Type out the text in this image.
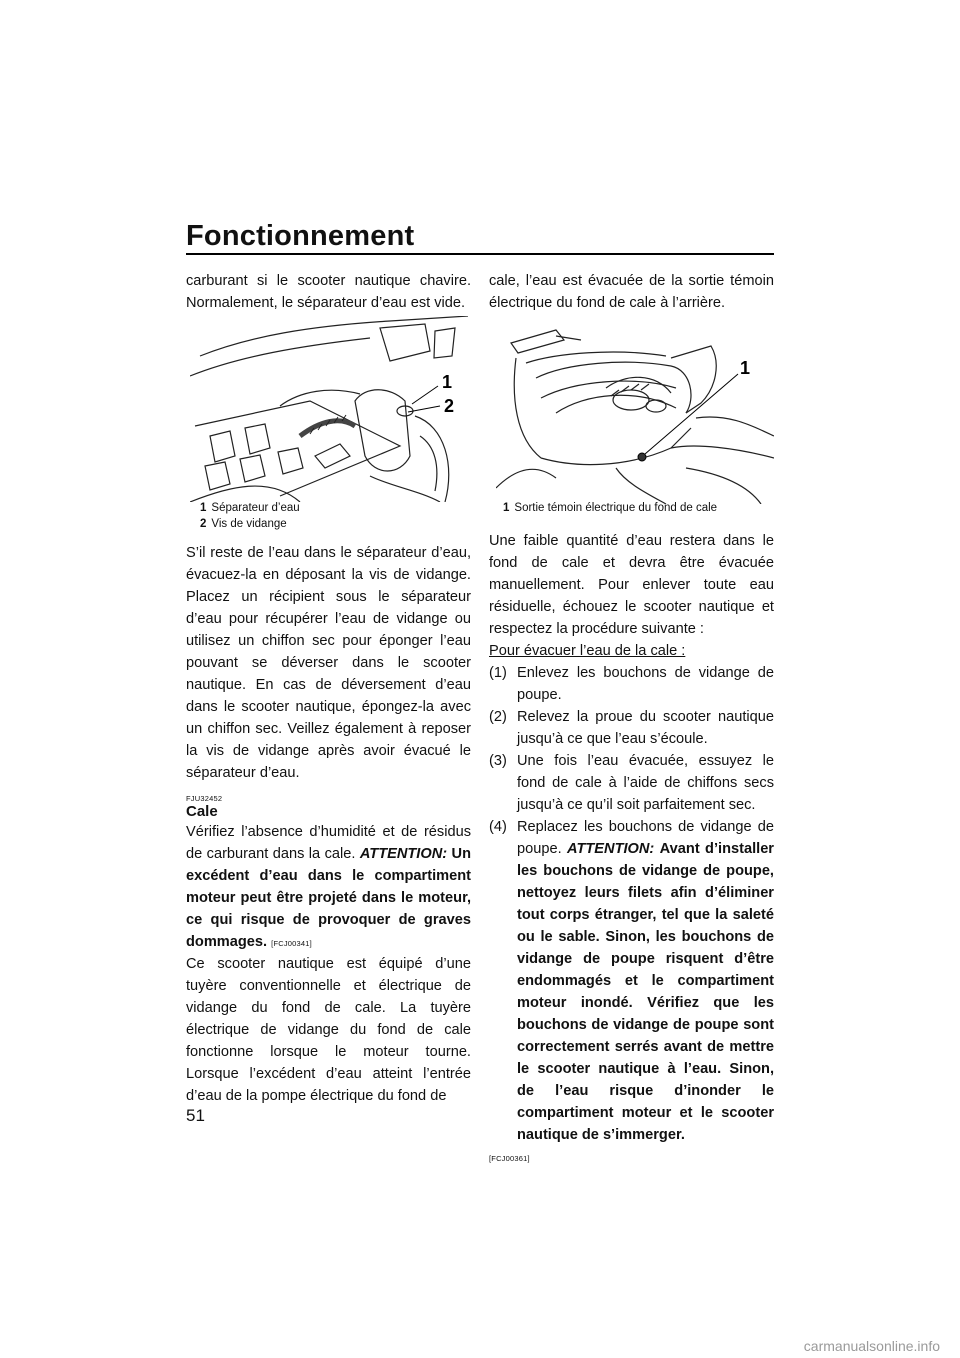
Fonctionnement

carburant si le scooter nautique chavire. Normalement, le séparateur d’eau est vide.

1
2
1 Séparateur d’eau
2 Vis de vidange

S’il reste de l’eau dans le séparateur d’eau, évacuez-la en déposant la vis de vidange. Placez un récipient sous le séparateur d’eau pour récupérer l’eau de vidange ou utilisez un chiffon sec pour éponger l’eau pouvant se déverser dans le scooter nautique. En cas de déversement d’eau dans le scooter nautique, épongez-la avec un chiffon sec. Veillez également à reposer la vis de vidange après avoir évacué le séparateur d’eau.

FJU32452
Cale

Vérifiez l’absence d’humidité et de résidus de carburant dans la cale. ATTENTION: Un excédent d’eau dans le compartiment moteur peut être projeté dans le moteur, ce qui risque de provoquer de graves dommages. [FCJ00341]

Ce scooter nautique est équipé d’une tuyère conventionnelle et électrique de vidange du fond de cale. La tuyère électrique de vidange du fond de cale fonctionne lorsque le moteur tourne. Lorsque l’excédent d’eau atteint l’entrée d’eau de la pompe électrique du fond de

cale, l’eau est évacuée de la sortie témoin électrique du fond de cale à l’arrière.

1
1 Sortie témoin électrique du fond de cale

Une faible quantité d’eau restera dans le fond de cale et devra être évacuée manuellement. Pour enlever toute eau résiduelle, échouez le scooter nautique et respectez la procédure suivante :

Pour évacuer l’eau de la cale :

(1) Enlevez les bouchons de vidange de poupe.
(2) Relevez la proue du scooter nautique jusqu’à ce que l’eau s’écoule.
(3) Une fois l’eau évacuée, essuyez le fond de cale à l’aide de chiffons secs jusqu’à ce qu’il soit parfaitement sec.
(4) Replacez les bouchons de vidange de poupe. ATTENTION: Avant d’installer les bouchons de vidange de poupe, nettoyez leurs filets afin d’éliminer tout corps étranger, tel que la saleté ou le sable. Sinon, les bouchons de vidange de poupe risquent d’être endommagés et le compartiment moteur inondé. Vérifiez que les bouchons de vidange de poupe sont correctement serrés avant de mettre le scooter nautique à l’eau. Sinon, de l’eau risque d’inonder le compartiment moteur et le scooter nautique de s’immerger.
[FCJ00361]
51
carmanualsonline.info
